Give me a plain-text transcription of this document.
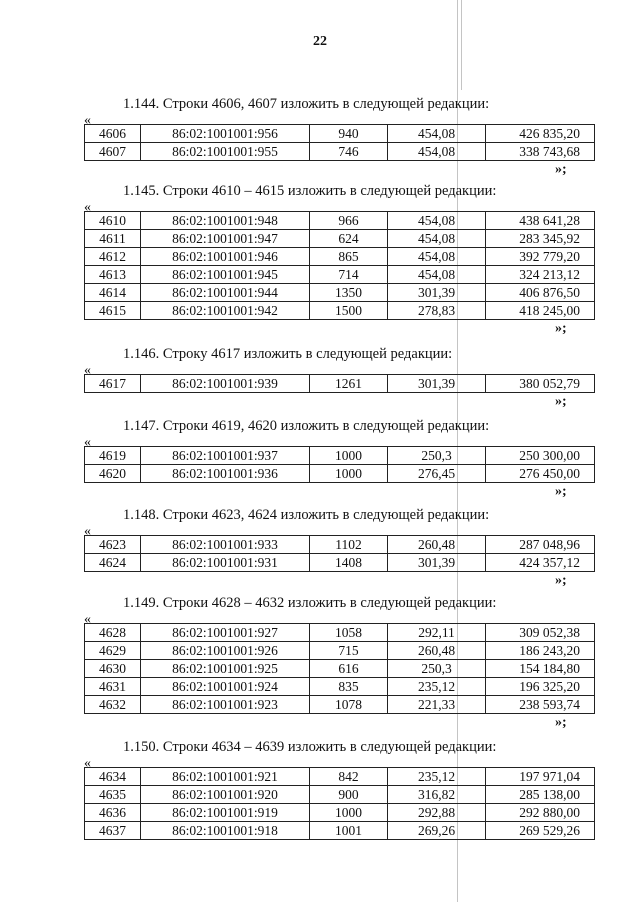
22
1.144. Строки 4606, 4607 изложить в следующей редакции:
«
4606	86:02:1001001:956	940	454,08	426 835,20
4607	86:02:1001001:955	746	454,08	338 743,68
»;
1.145. Строки 4610 – 4615 изложить в следующей редакции:
«
4610	86:02:1001001:948	966	454,08	438 641,28
4611	86:02:1001001:947	624	454,08	283 345,92
4612	86:02:1001001:946	865	454,08	392 779,20
4613	86:02:1001001:945	714	454,08	324 213,12
4614	86:02:1001001:944	1350	301,39	406 876,50
4615	86:02:1001001:942	1500	278,83	418 245,00
»;
1.146. Строку 4617 изложить в следующей редакции:
«
4617	86:02:1001001:939	1261	301,39	380 052,79
»;
1.147. Строки 4619, 4620 изложить в следующей редакции:
«
4619	86:02:1001001:937	1000	250,3	250 300,00
4620	86:02:1001001:936	1000	276,45	276 450,00
»;
1.148. Строки 4623, 4624 изложить в следующей редакции:
«
4623	86:02:1001001:933	1102	260,48	287 048,96
4624	86:02:1001001:931	1408	301,39	424 357,12
»;
1.149. Строки 4628 – 4632 изложить в следующей редакции:
«
4628	86:02:1001001:927	1058	292,11	309 052,38
4629	86:02:1001001:926	715	260,48	186 243,20
4630	86:02:1001001:925	616	250,3	154 184,80
4631	86:02:1001001:924	835	235,12	196 325,20
4632	86:02:1001001:923	1078	221,33	238 593,74
»;
1.150. Строки 4634 – 4639 изложить в следующей редакции:
«
4634	86:02:1001001:921	842	235,12	197 971,04
4635	86:02:1001001:920	900	316,82	285 138,00
4636	86:02:1001001:919	1000	292,88	292 880,00
4637	86:02:1001001:918	1001	269,26	269 529,26
